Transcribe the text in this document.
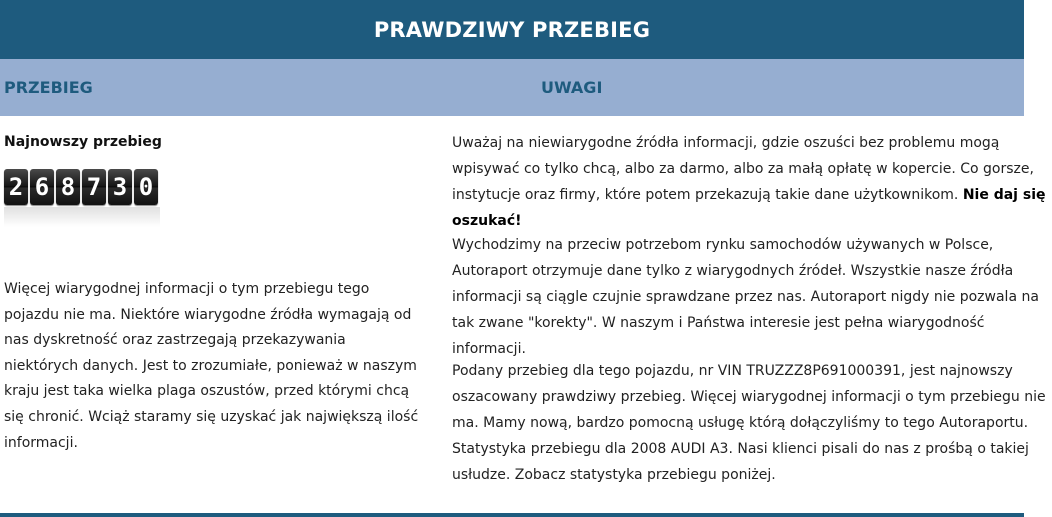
PRAWDZIWY PRZEBIEG
PRZEBIEG	UWAGI
Najnowszy przebieg
2 6 8 7 3 0
Więcej wiarygodnej informacji o tym przebiegu tego pojazdu nie ma. Niektóre wiarygodne źródła wymagają od nas dyskretność oraz zastrzegają przekazywania niektórych danych. Jest to zrozumiałe, ponieważ w naszym kraju jest taka wielka plaga oszustów, przed którymi chcą się chronić. Wciąż staramy się uzyskać jak największą ilość informacji.
Uważaj na niewiarygodne źródła informacji, gdzie oszuści bez problemu mogą wpisywać co tylko chcą, albo za darmo, albo za małą opłatę w kopercie. Co gorsze, instytucje oraz firmy, które potem przekazują takie dane użytkownikom. Nie daj się oszukać!
Wychodzimy na przeciw potrzebom rynku samochodów używanych w Polsce, Autoraport otrzymuje dane tylko z wiarygodnych źródeł. Wszystkie nasze źródła informacji są ciągle czujnie sprawdzane przez nas. Autoraport nigdy nie pozwala na tak zwane "korekty". W naszym i Państwa interesie jest pełna wiarygodność informacji.
Podany przebieg dla tego pojazdu, nr VIN TRUZZZ8P691000391, jest najnowszy oszacowany prawdziwy przebieg. Więcej wiarygodnej informacji o tym przebiegu nie ma. Mamy nową, bardzo pomocną usługę którą dołączyliśmy to tego Autoraportu. Statystyka przebiegu dla 2008 AUDI A3. Nasi klienci pisali do nas z prośbą o takiej usłudze. Zobacz statystyka przebiegu poniżej.
